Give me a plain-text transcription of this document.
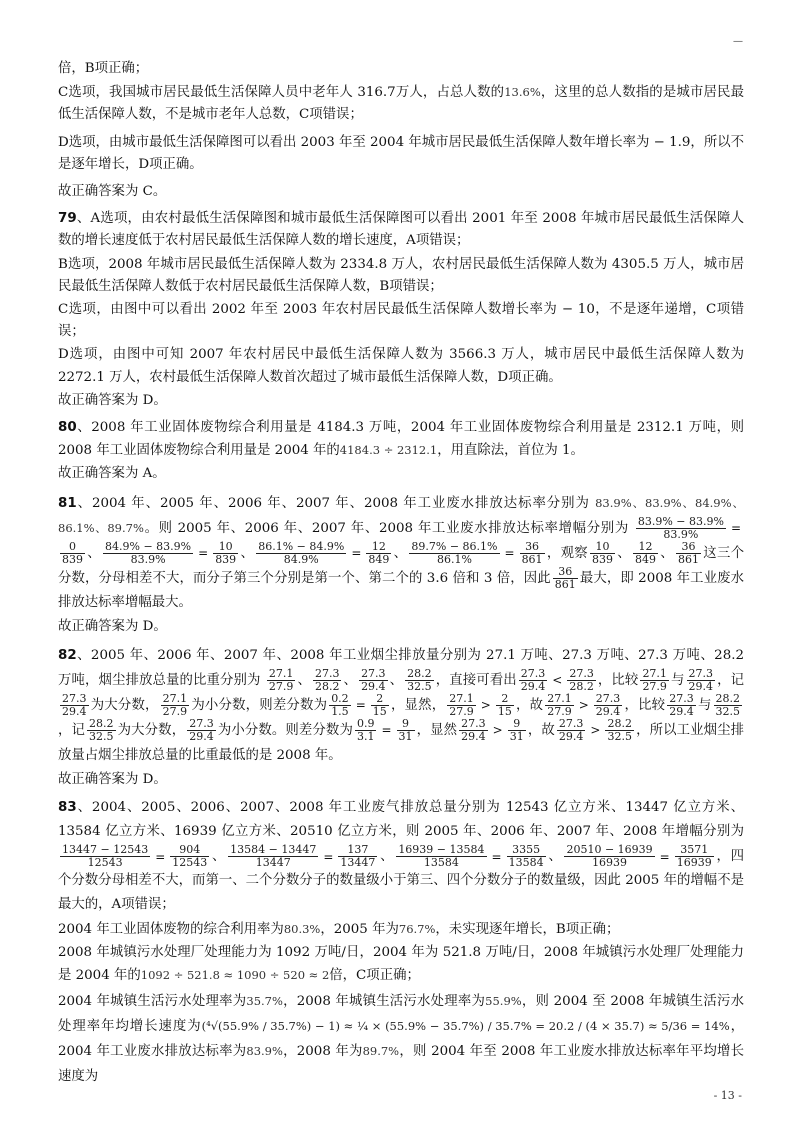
—

倍，B项正确；

C选项，我国城市居民最低生活保障人员中老年人 316.7万人，占总人数的13.6%，这里的总人数指的是城市居民最低生活保障人数，不是城市老年人总数，C项错误；

D选项，由城市最低生活保障图可以看出 2003 年至 2004 年城市居民最低生活保障人数年增长率为 − 1.9，所以不是逐年增长，D项正确。

故正确答案为 C。

79、A选项，由农村最低生活保障图和城市最低生活保障图可以看出 2001 年至 2008 年城市居民最低生活保障人数的增长速度低于农村居民最低生活保障人数的增长速度，A项错误；

B选项，2008 年城市居民最低生活保障人数为 2334.8 万人，农村居民最低生活保障人数为 4305.5 万人，城市居民最低生活保障人数低于农村居民最低生活保障人数，B项错误；

C选项，由图中可以看出 2002 年至 2003 年农村居民最低生活保障人数增长率为 − 10，不是逐年递增，C项错误；

D选项，由图中可知 2007 年农村居民中最低生活保障人数为 3566.3 万人，城市居民中最低生活保障人数为 2272.1 万人，农村最低生活保障人数首次超过了城市最低生活保障人数，D项正确。

故正确答案为 D。

80、2008 年工业固体废物综合利用量是 4184.3 万吨，2004 年工业固体废物综合利用量是 2312.1 万吨，则 2008 年工业固体废物综合利用量是 2004 年的4184.3 ÷ 2312.1，用直除法，首位为 1。

故正确答案为 A。

81、2004 年、2005 年、2006 年、2007 年、2008 年工业废水排放达标率分别为 83.9%、83.9%、84.9%、86.1%、89.7%。则 2005 年、2006 年、2007 年、2008 年工业废水排放达标率增幅分别为 $\frac{83.9\% - 83.9\%}{83.9\%}$ =
$\frac{0}{839}$ 、 $\frac{84.9\% - 83.9\%}{83.9\%} = \frac{10}{839}$ 、 $\frac{86.1\% - 84.9\%}{84.9\%} = \frac{12}{849}$ 、 $\frac{89.7\% - 86.1\%}{86.1\%} = \frac{36}{861}$ ，观察 $\frac{10}{839}$ 、 $\frac{12}{849}$ 、 $\frac{36}{861}$ 这三个分数，分母相差不大，而分子第三个分别是第一个、第二个的 3.6 倍和 3 倍，因此 $\frac{36}{861}$ 最大，即 2008 年工业废水排放达标率增幅最大。

故正确答案为 D。

82、2005 年、2006 年、2007 年、2008 年工业烟尘排放量分别为 27.1 万吨、27.3 万吨、27.3 万吨、28.2 万吨，烟尘排放总量的比重分别为 $\frac{27.1}{27.9}$ 、 $\frac{27.3}{28.2}$ 、 $\frac{27.3}{29.4}$ 、 $\frac{28.2}{32.5}$ ，直接可看出 $\frac{27.3}{29.4} < \frac{27.3}{28.2}$ ，比较 $\frac{27.1}{27.9}$ 与 $\frac{27.3}{29.4}$ ，记
$\frac{27.3}{29.4}$ 为大分数， $\frac{27.1}{27.9}$ 为小分数，则差分数为 $\frac{0.2}{1.5} = \frac{2}{15}$ ，显然， $\frac{27.1}{27.9} > \frac{2}{15}$ ，故 $\frac{27.1}{27.9} > \frac{27.3}{29.4}$ ，比较 $\frac{27.3}{29.4}$ 与 $\frac{28.2}{32.5}$
，记 $\frac{28.2}{32.5}$ 为大分数， $\frac{27.3}{29.4}$ 为小分数。则差分数为 $\frac{0.9}{3.1} = \frac{9}{31}$ ，显然 $\frac{27.3}{29.4} > \frac{9}{31}$ ，故 $\frac{27.3}{29.4} > \frac{28.2}{32.5}$ ，所以工业烟尘排放量占烟尘排放总量的比重最低的是 2008 年。

故正确答案为 D。

83、2004、2005、2006、2007、2008 年工业废气排放总量分别为 12543 亿立方米、13447 亿立方米、13584 亿立方米、16939 亿立方米、20510 亿立方米，则 2005 年、2006 年、2007 年、2008 年增幅分别为
$\frac{13447 - 12543}{12543} = \frac{904}{12543}$ 、 $\frac{13584 - 13447}{13447} = \frac{137}{13447}$ 、 $\frac{16939 - 13584}{13584} = \frac{3355}{13584}$ 、 $\frac{20510 - 16939}{16939} = \frac{3571}{16939}$ ，四个分数分母相差不大，而第一、二个分数分子的数量级小于第三、四个分数分子的数量级，因此 2005 年的增幅不是最大的，A项错误；

2004 年工业固体废物的综合利用率为80.3%，2005 年为76.7%，未实现逐年增长，B项正确；

2008 年城镇污水处理厂处理能力为 1092 万吨/日，2004 年为 521.8 万吨/日，2008 年城镇污水处理厂处理能力是 2004 年的1092 ÷ 521.8 ≈ 1090 ÷ 520 ≈ 2倍，C项正确；

2004 年城镇生活污水处理率为35.7%，2008 年城镇生活污水处理率为55.9%，则 2004 至 2008 年城镇生活污水处理率年均增长速度为(⁴√(55.9% / 35.7%) − 1) ≈ ¼ × (55.9% − 35.7%) / 35.7% = 20.2 / (4 × 35.7) ≈ 5/36 = 14%，2004 年工业废水排放达标率为83.9%，2008 年为89.7%，则 2004 年至 2008 年工业废水排放达标率年平均增长速度为

- 13 -
